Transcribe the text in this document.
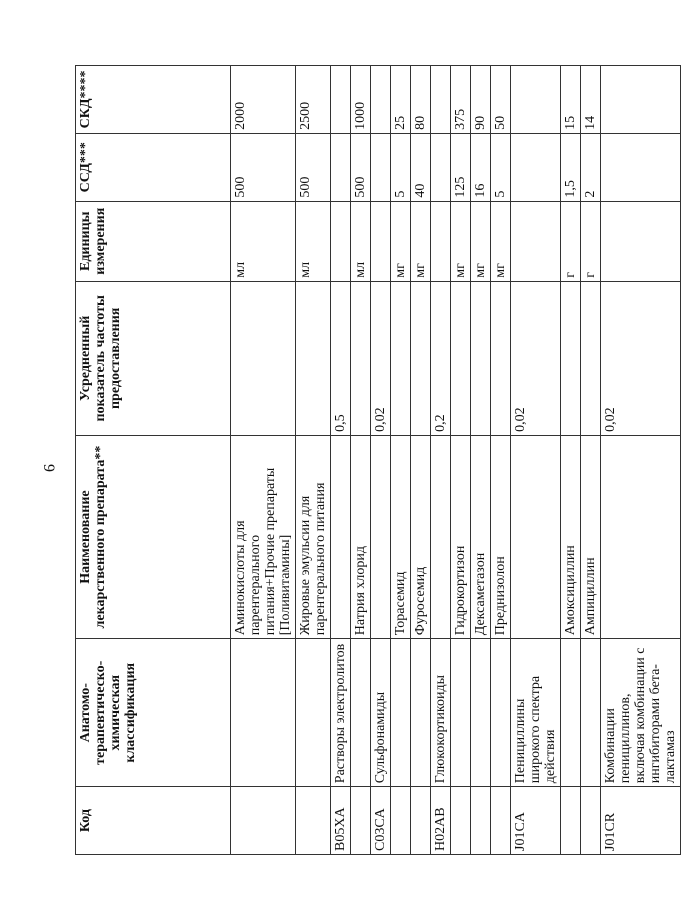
9
Код	Анатомо-терапевтическо-химическая классификация	Наименование лекарственного препарата**	Усредненный показатель частоты предоставления	Единицы измерения	ССД***	СКД****
		Аминокислоты для парентерального питания+Прочие препараты [Поливитамины]		мл	500	2000
		Жировые эмульсии для парентерального питания		мл	500	2500
B05XA	Растворы электролитов		0,5			
		Натрия хлорид		мл	500	1000
C03CA	Сульфонамиды		0,02			
		Торасемид		мг	5	25
		Фуросемид		мг	40	80
H02AB	Глюкокортикоиды		0,2			
		Гидрокортизон		мг	125	375
		Дексаметазон		мг	16	90
		Преднизолон		мг	5	50
J01CA	Пенициллины широкого спектра действия		0,02			
		Амоксициллин		г	1,5	15
		Ампициллин		г	2	14
J01CR	Комбинации пенициллинов, включая комбинации с ингибиторами бета-лактамаз		0,02			
